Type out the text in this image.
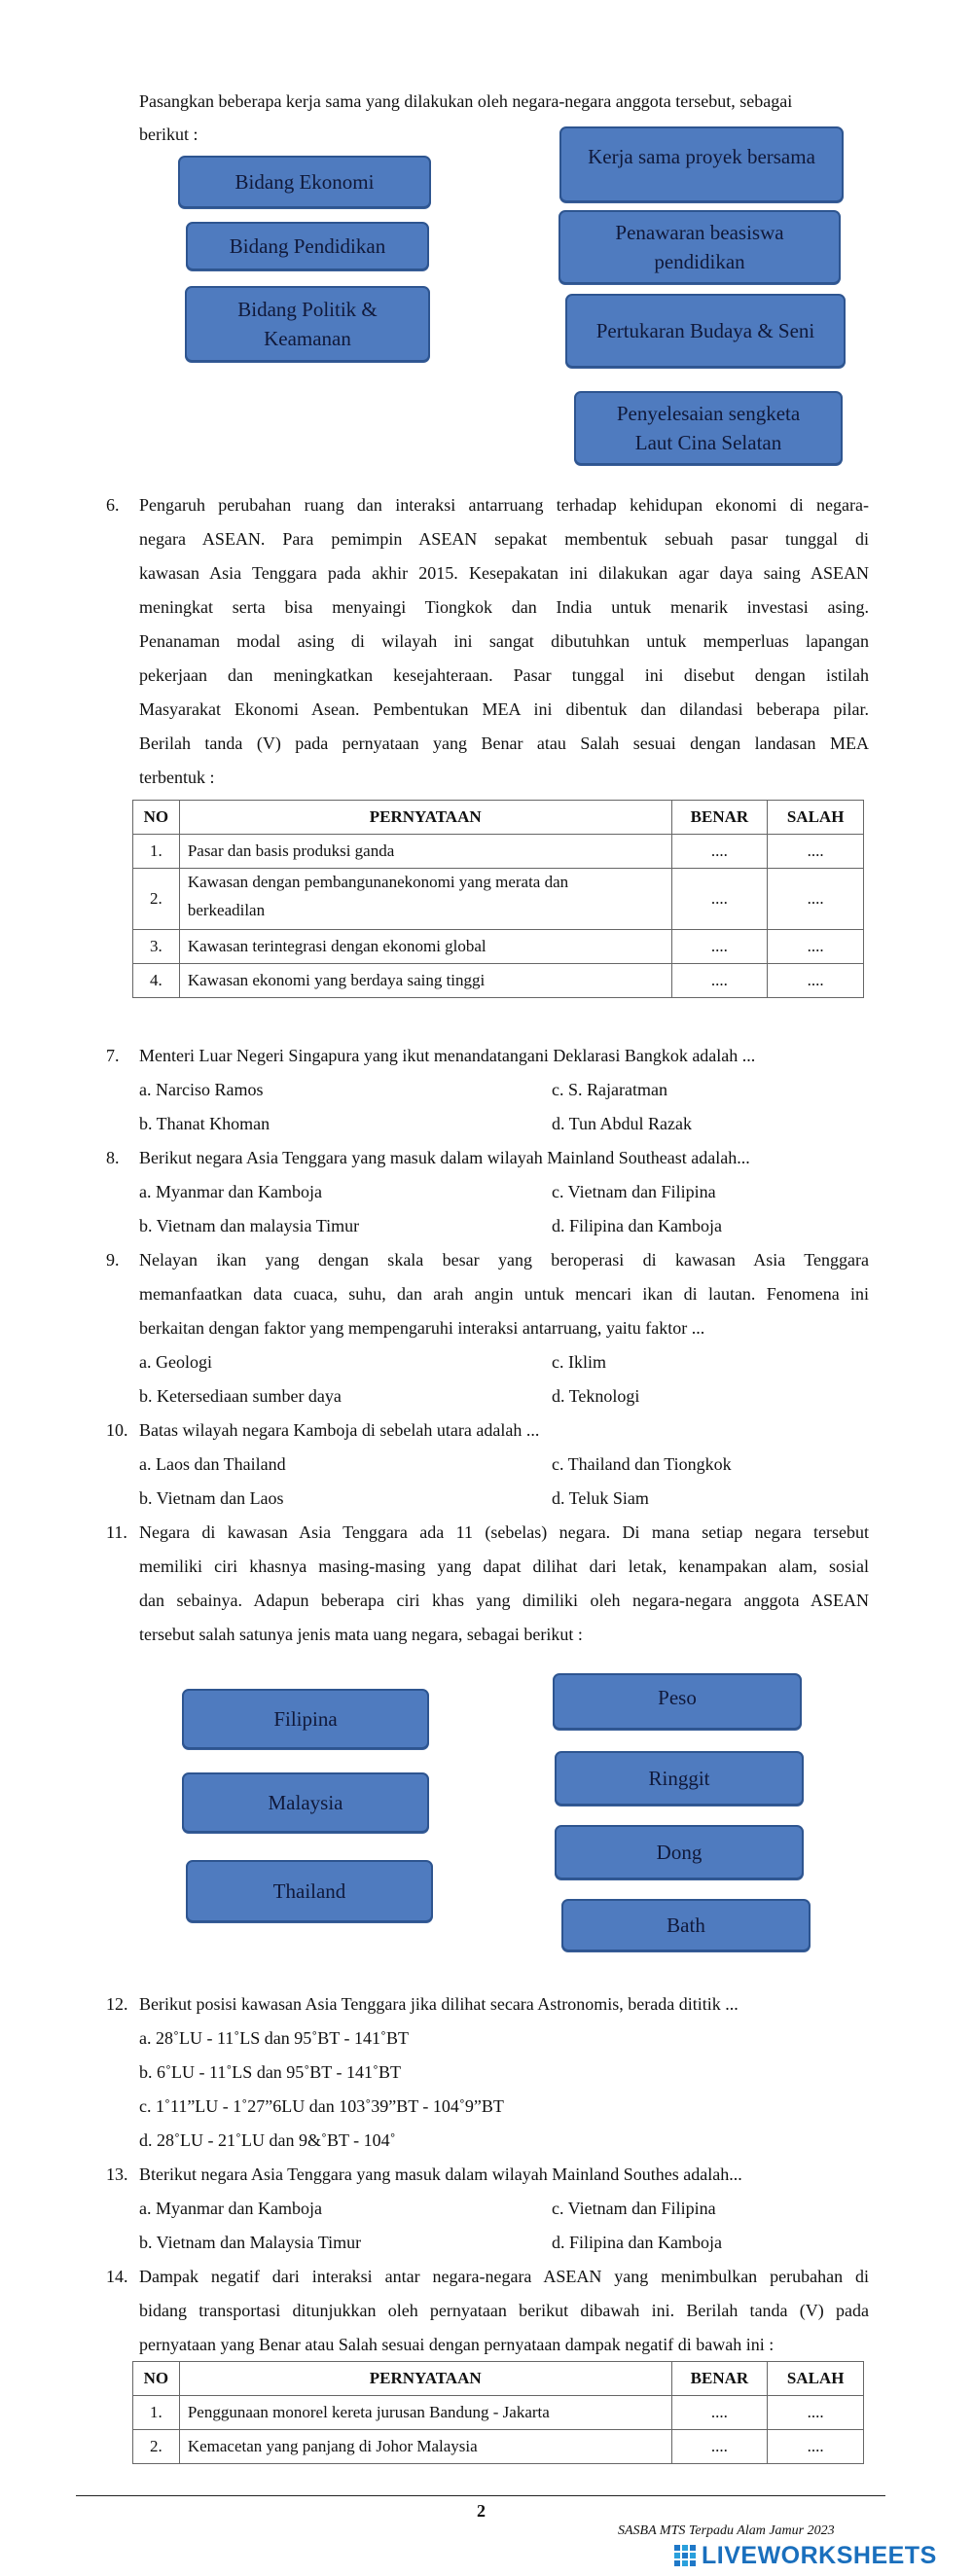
Pasangkan beberapa kerja sama yang dilakukan oleh negara-negara anggota tersebut, sebagai
berikut :
Bidang Ekonomi
Bidang Pendidikan
Bidang Politik & Keamanan
Kerja sama proyek bersama
Penawaran beasiswa pendidikan
Pertukaran Budaya & Seni
Penyelesaian sengketa Laut Cina Selatan
6. Pengaruh perubahan ruang dan interaksi antarruang terhadap kehidupan ekonomi di negara-
negara ASEAN. Para pemimpin ASEAN sepakat membentuk sebuah pasar tunggal di
kawasan Asia Tenggara pada akhir 2015. Kesepakatan ini dilakukan agar daya saing ASEAN
meningkat serta bisa menyaingi Tiongkok dan India untuk menarik investasi asing.
Penanaman modal asing di wilayah ini sangat dibutuhkan untuk memperluas lapangan
pekerjaan dan meningkatkan kesejahteraan. Pasar tunggal ini disebut dengan istilah
Masyarakat Ekonomi Asean. Pembentukan MEA ini dibentuk dan dilandasi beberapa pilar.
Berilah tanda (V) pada pernyataan yang Benar atau Salah sesuai dengan landasan MEA
terbentuk :
NO	PERNYATAAN	BENAR	SALAH
1.	Pasar dan basis produksi ganda	....	....
2.	Kawasan dengan pembangunanekonomi yang merata dan
berkeadilan	....	....
3.	Kawasan terintegrasi dengan ekonomi global	....	....
4.	Kawasan ekonomi yang berdaya saing tinggi	....	....
7. Menteri Luar Negeri Singapura yang ikut menandatangani Deklarasi Bangkok adalah ...
a. Narciso Ramos	c. S. Rajaratman
b. Thanat Khoman	d. Tun Abdul Razak
8. Berikut negara Asia Tenggara yang masuk dalam wilayah Mainland Southeast adalah...
a. Myanmar dan Kamboja	c. Vietnam dan Filipina
b. Vietnam dan malaysia Timur	d. Filipina dan Kamboja
9. Nelayan ikan yang dengan skala besar yang beroperasi di kawasan Asia Tenggara
memanfaatkan data cuaca, suhu, dan arah angin untuk mencari ikan di lautan. Fenomena ini
berkaitan dengan faktor yang mempengaruhi interaksi antarruang, yaitu faktor ...
a. Geologi	c. Iklim
b. Ketersediaan sumber daya	d. Teknologi
10. Batas wilayah negara Kamboja di sebelah utara adalah ...
a. Laos dan Thailand	c. Thailand dan Tiongkok
b. Vietnam dan Laos	d. Teluk Siam
11. Negara di kawasan Asia Tenggara ada 11 (sebelas) negara. Di mana setiap negara tersebut
memiliki ciri khasnya masing-masing yang dapat dilihat dari letak, kenampakan alam, sosial
dan sebainya. Adapun beberapa ciri khas yang dimiliki oleh negara-negara anggota ASEAN
tersebut salah satunya jenis mata uang negara, sebagai berikut :
Filipina
Malaysia
Thailand
Peso
Ringgit
Dong
Bath
12. Berikut posisi kawasan Asia Tenggara jika dilihat secara Astronomis, berada dititik ...
a. 28˚LU - 11˚LS dan 95˚BT - 141˚BT
b. 6˚LU - 11˚LS dan 95˚BT - 141˚BT
c. 1˚11”LU - 1˚27”6LU dan 103˚39”BT - 104˚9”BT
d. 28˚LU - 21˚LU dan 9&˚BT - 104˚
13. Bterikut negara Asia Tenggara yang masuk dalam wilayah Mainland Southes adalah...
a. Myanmar dan Kamboja	c. Vietnam dan Filipina
b. Vietnam dan Malaysia Timur	d. Filipina dan Kamboja
14. Dampak negatif dari interaksi antar negara-negara ASEAN yang menimbulkan perubahan di
bidang transportasi ditunjukkan oleh pernyataan berikut dibawah ini. Berilah tanda (V) pada
pernyataan yang Benar atau Salah sesuai dengan pernyataan dampak negatif di bawah ini :
NO	PERNYATAAN	BENAR	SALAH
1.	Penggunaan monorel kereta jurusan Bandung - Jakarta	....	....
2.	Kemacetan yang panjang di Johor Malaysia	....	....
2
SASBA MTS Terpadu Alam Jamur 2023
LIVEWORKSHEETS
